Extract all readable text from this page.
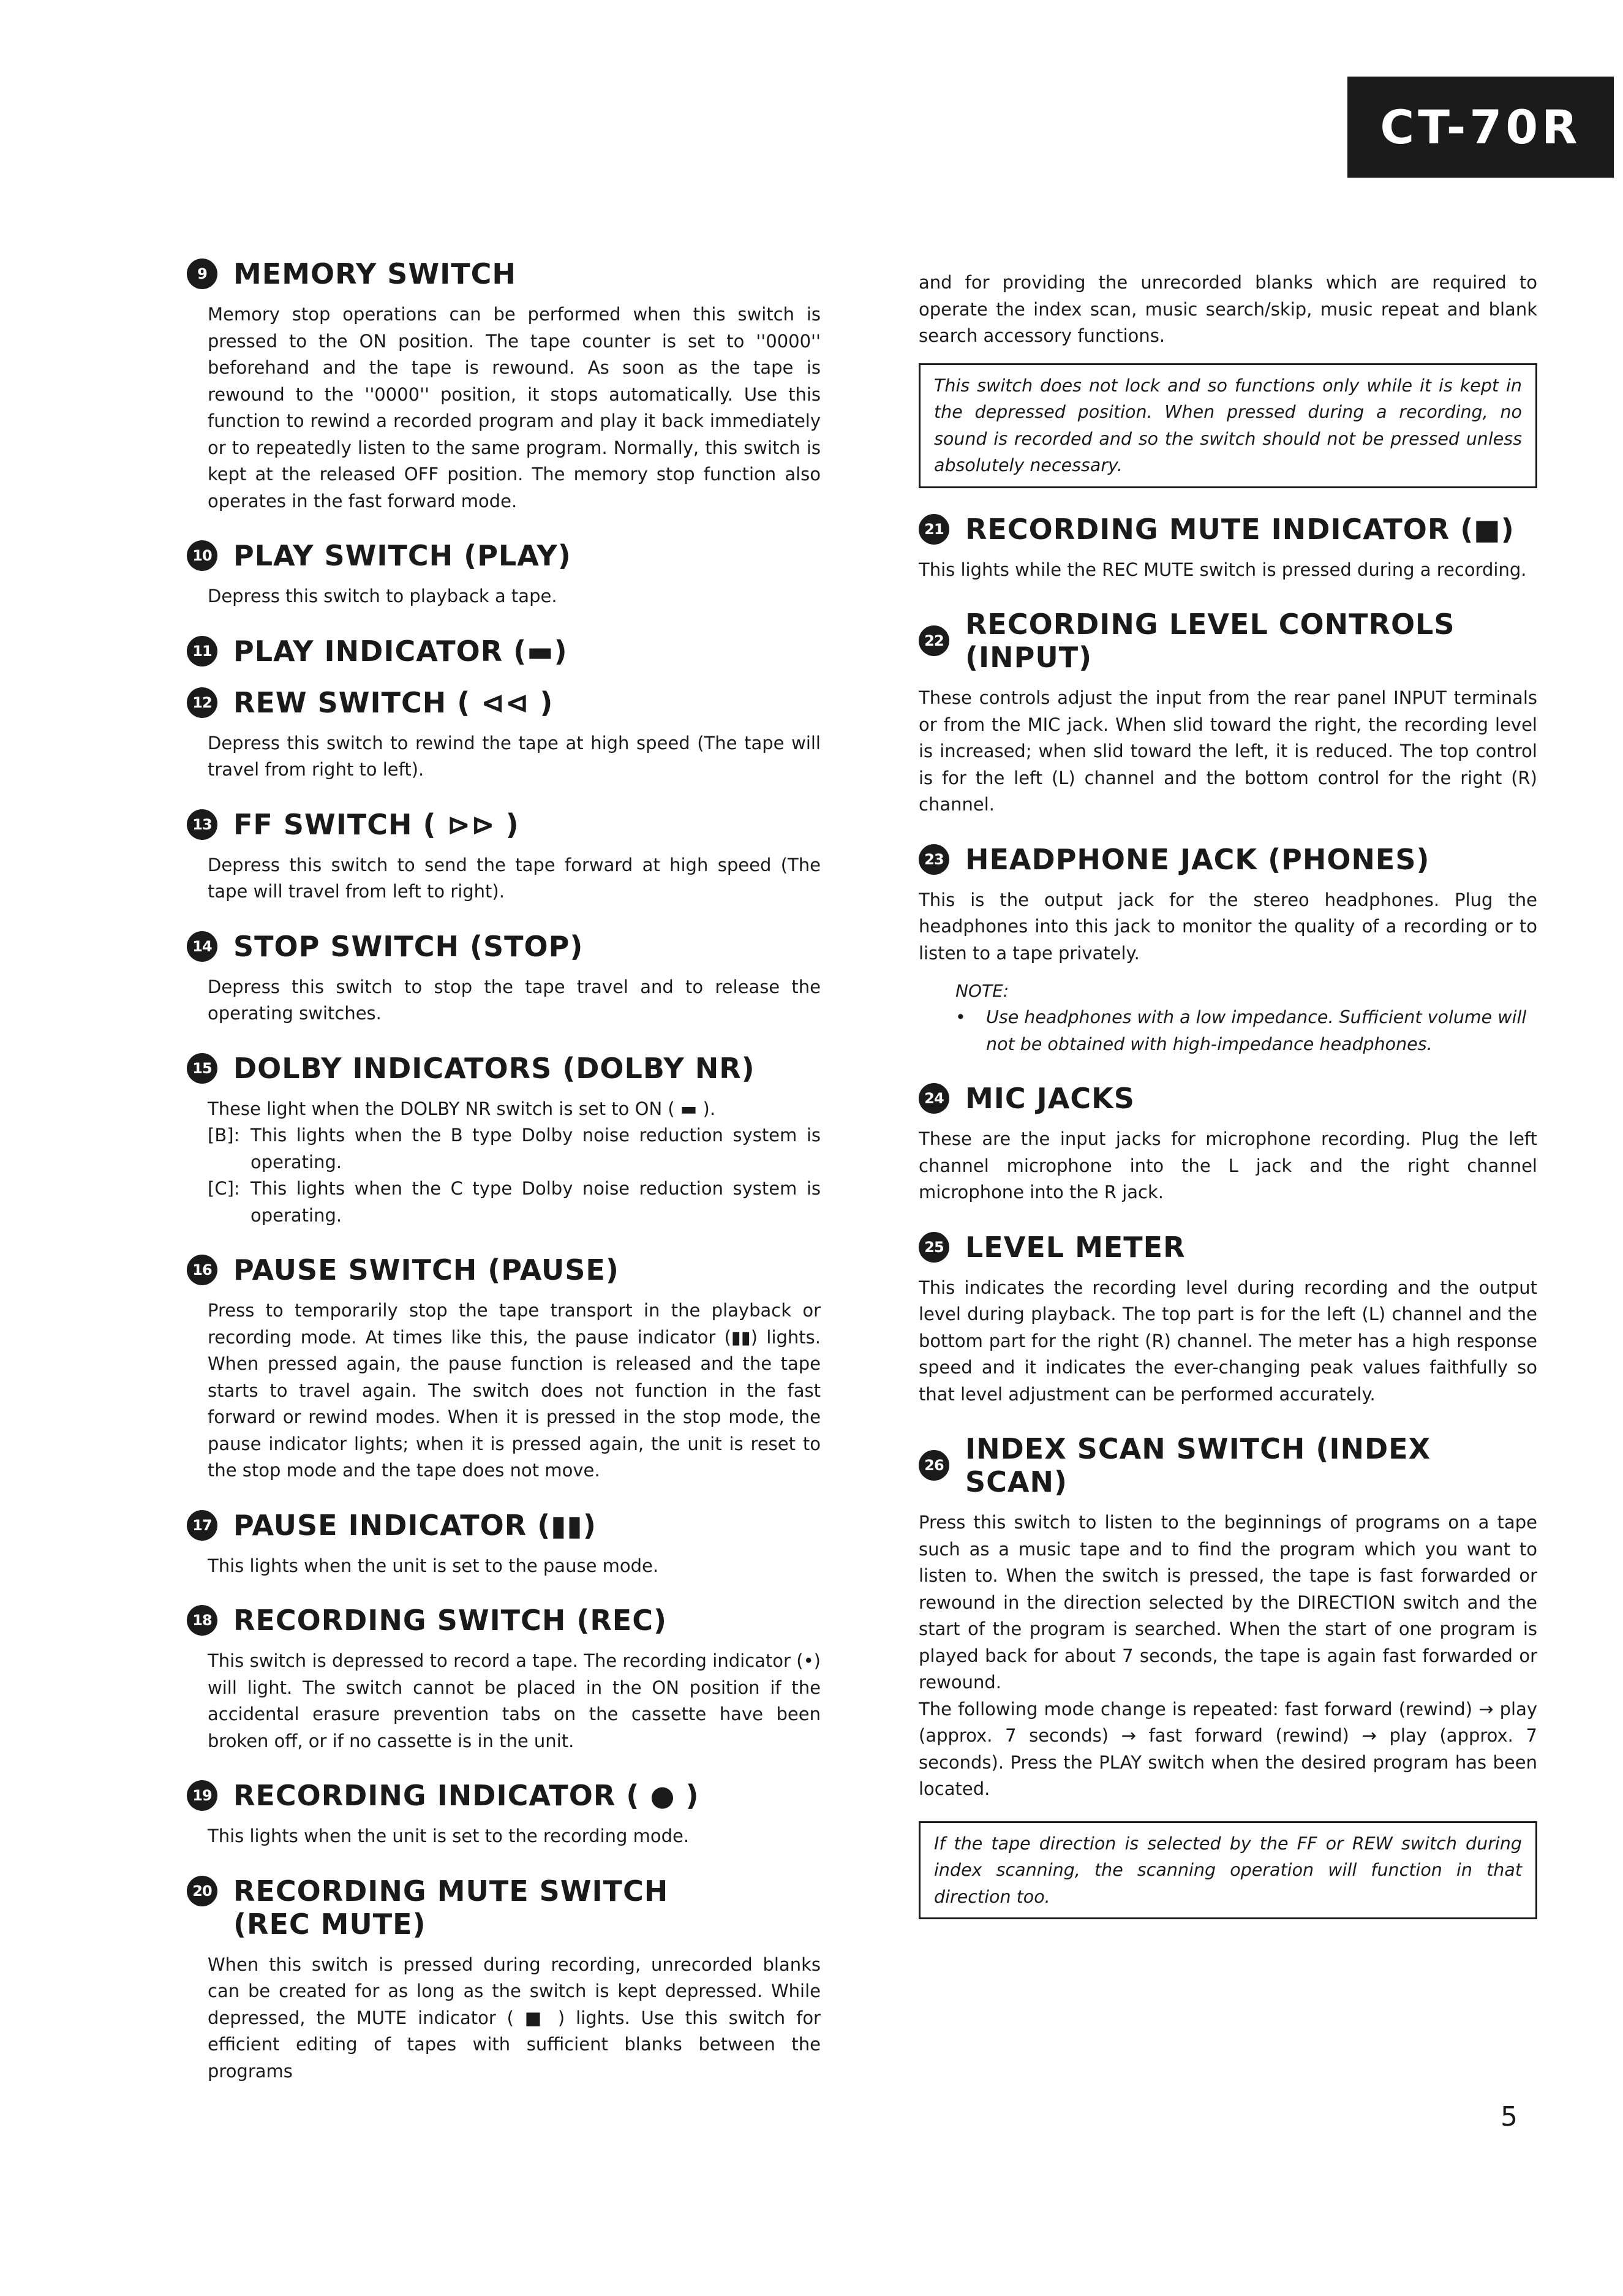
CT-70R
9 MEMORY SWITCH
Memory stop operations can be performed when this switch is pressed to the ON position. The tape counter is set to ''0000'' beforehand and the tape is rewound. As soon as the tape is rewound to the ''0000'' position, it stops automatically. Use this function to rewind a recorded program and play it back immediately or to repeatedly listen to the same program. Normally, this switch is kept at the released OFF position. The memory stop function also operates in the fast forward mode.
10 PLAY SWITCH (PLAY)
Depress this switch to playback a tape.
11 PLAY INDICATOR (▬)
12 REW SWITCH ( ⊲⊲ )
Depress this switch to rewind the tape at high speed (The tape will travel from right to left).
13 FF SWITCH ( ⊳⊳ )
Depress this switch to send the tape forward at high speed (The tape will travel from left to right).
14 STOP SWITCH (STOP)
Depress this switch to stop the tape travel and to release the operating switches.
15 DOLBY INDICATORS (DOLBY NR)
These light when the DOLBY NR switch is set to ON ( ▬ ).
[B]: This lights when the B type Dolby noise reduction system is operating.
[C]: This lights when the C type Dolby noise reduction system is operating.
16 PAUSE SWITCH (PAUSE)
Press to temporarily stop the tape transport in the playback or recording mode. At times like this, the pause indicator (▮▮) lights. When pressed again, the pause function is released and the tape starts to travel again. The switch does not function in the fast forward or rewind modes. When it is pressed in the stop mode, the pause indicator lights; when it is pressed again, the unit is reset to the stop mode and the tape does not move.
17 PAUSE INDICATOR (▮▮)
This lights when the unit is set to the pause mode.
18 RECORDING SWITCH (REC)
This switch is depressed to record a tape. The recording indicator (•) will light. The switch cannot be placed in the ON position if the accidental erasure prevention tabs on the cassette have been broken off, or if no cassette is in the unit.
19 RECORDING INDICATOR ( ● )
This lights when the unit is set to the recording mode.
20 RECORDING MUTE SWITCH
(REC MUTE)
When this switch is pressed during recording, unrecorded blanks can be created for as long as the switch is kept depressed. While depressed, the MUTE indicator ( ■ ) lights. Use this switch for efficient editing of tapes with sufficient blanks between the programs
and for providing the unrecorded blanks which are required to operate the index scan, music search/skip, music repeat and blank search accessory functions.
This switch does not lock and so functions only while it is kept in the depressed position. When pressed during a recording, no sound is recorded and so the switch should not be pressed unless absolutely necessary.
21 RECORDING MUTE INDICATOR (■)
This lights while the REC MUTE switch is pressed during a recording.
22 RECORDING LEVEL CONTROLS (INPUT)
These controls adjust the input from the rear panel INPUT terminals or from the MIC jack. When slid toward the right, the recording level is increased; when slid toward the left, it is reduced. The top control is for the left (L) channel and the bottom control for the right (R) channel.
23 HEADPHONE JACK (PHONES)
This is the output jack for the stereo headphones. Plug the headphones into this jack to monitor the quality of a recording or to listen to a tape privately.
NOTE:
•	Use headphones with a low impedance. Sufficient volume will not be obtained with high-impedance headphones.
24 MIC JACKS
These are the input jacks for microphone recording. Plug the left channel microphone into the L jack and the right channel microphone into the R jack.
25 LEVEL METER
This indicates the recording level during recording and the output level during playback. The top part is for the left (L) channel and the bottom part for the right (R) channel. The meter has a high response speed and it indicates the ever-changing peak values faithfully so that level adjustment can be performed accurately.
26 INDEX SCAN SWITCH (INDEX SCAN)
Press this switch to listen to the beginnings of programs on a tape such as a music tape and to find the program which you want to listen to. When the switch is pressed, the tape is fast forwarded or rewound in the direction selected by the DIRECTION switch and the start of the program is searched. When the start of one program is played back for about 7 seconds, the tape is again fast forwarded or rewound.
The following mode change is repeated: fast forward (rewind) → play (approx. 7 seconds) → fast forward (rewind) → play (approx. 7 seconds). Press the PLAY switch when the desired program has been located.
If the tape direction is selected by the FF or REW switch during index scanning, the scanning operation will function in that direction too.
5
